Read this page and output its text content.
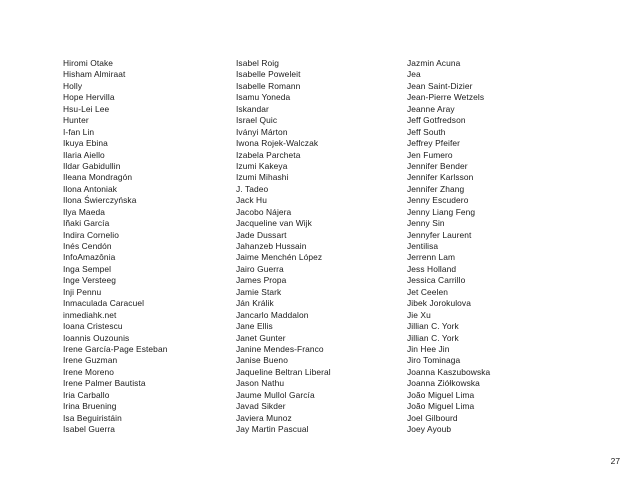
Hiromi Otake
Hisham Almiraat
Holly
Hope Hervilla
Hsu-Lei Lee
Hunter
I-fan Lin
Ikuya Ebina
Ilaria Aiello
Ildar Gabidullin
Ileana Mondragón
Ilona Antoniak
Ilona Świerczyńska
Ilya Maeda
Iñaki García
Indira Cornelio
Inés Cendón
InfoAmazônia
Inga Sempel
Inge Versteeg
Inji Pennu
Inmaculada Caracuel
inmediahk.net
Ioana Cristescu
Ioannis Ouzounis
Irene García-Page Esteban
Irene Guzman
Irene Moreno
Irene Palmer Bautista
Iria Carballo
Irina Bruening
Isa Beguiristáin
Isabel Guerra
Isabel Roig
Isabelle Poweleit
Isabelle Romann
Isamu Yoneda
Iskandar
Israel Quic
Iványi Márton
Iwona Rojek-Walczak
Izabela Parcheta
Izumi Kakeya
Izumi Mihashi
J. Tadeo
Jack Hu
Jacobo Nájera
Jacqueline van Wijk
Jade Dussart
Jahanzeb Hussain
Jaime Menchén López
Jairo Guerra
James Propa
Jamie Stark
Ján Králik
Jancarlo Maddalon
Jane Ellis
Janet Gunter
Janine Mendes-Franco
Janise Bueno
Jaqueline Beltran Liberal
Jason Nathu
Jaume Mullol García
Javad Sikder
Javiera Munoz
Jay Martin Pascual
Jazmin Acuna
Jea
Jean Saint-Dizier
Jean-Pierre Wetzels
Jeanne Aray
Jeff Gotfredson
Jeff South
Jeffrey Pfeifer
Jen Fumero
Jennifer Bender
Jennifer Karlsson
Jennifer Zhang
Jenny Escudero
Jenny Liang Feng
Jenny Sin
Jennyfer Laurent
Jentilisa
Jerrenn Lam
Jess Holland
Jessica Carrillo
Jet Ceelen
Jibek Jorokulova
Jie Xu
Jillian C. York
Jillian C. York
Jin Hee Jin
Jiro Tominaga
Joanna Kaszubowska
Joanna Ziółkowska
João Miguel Lima
João Miguel Lima
Joel Gilbourd
Joey Ayoub
27
